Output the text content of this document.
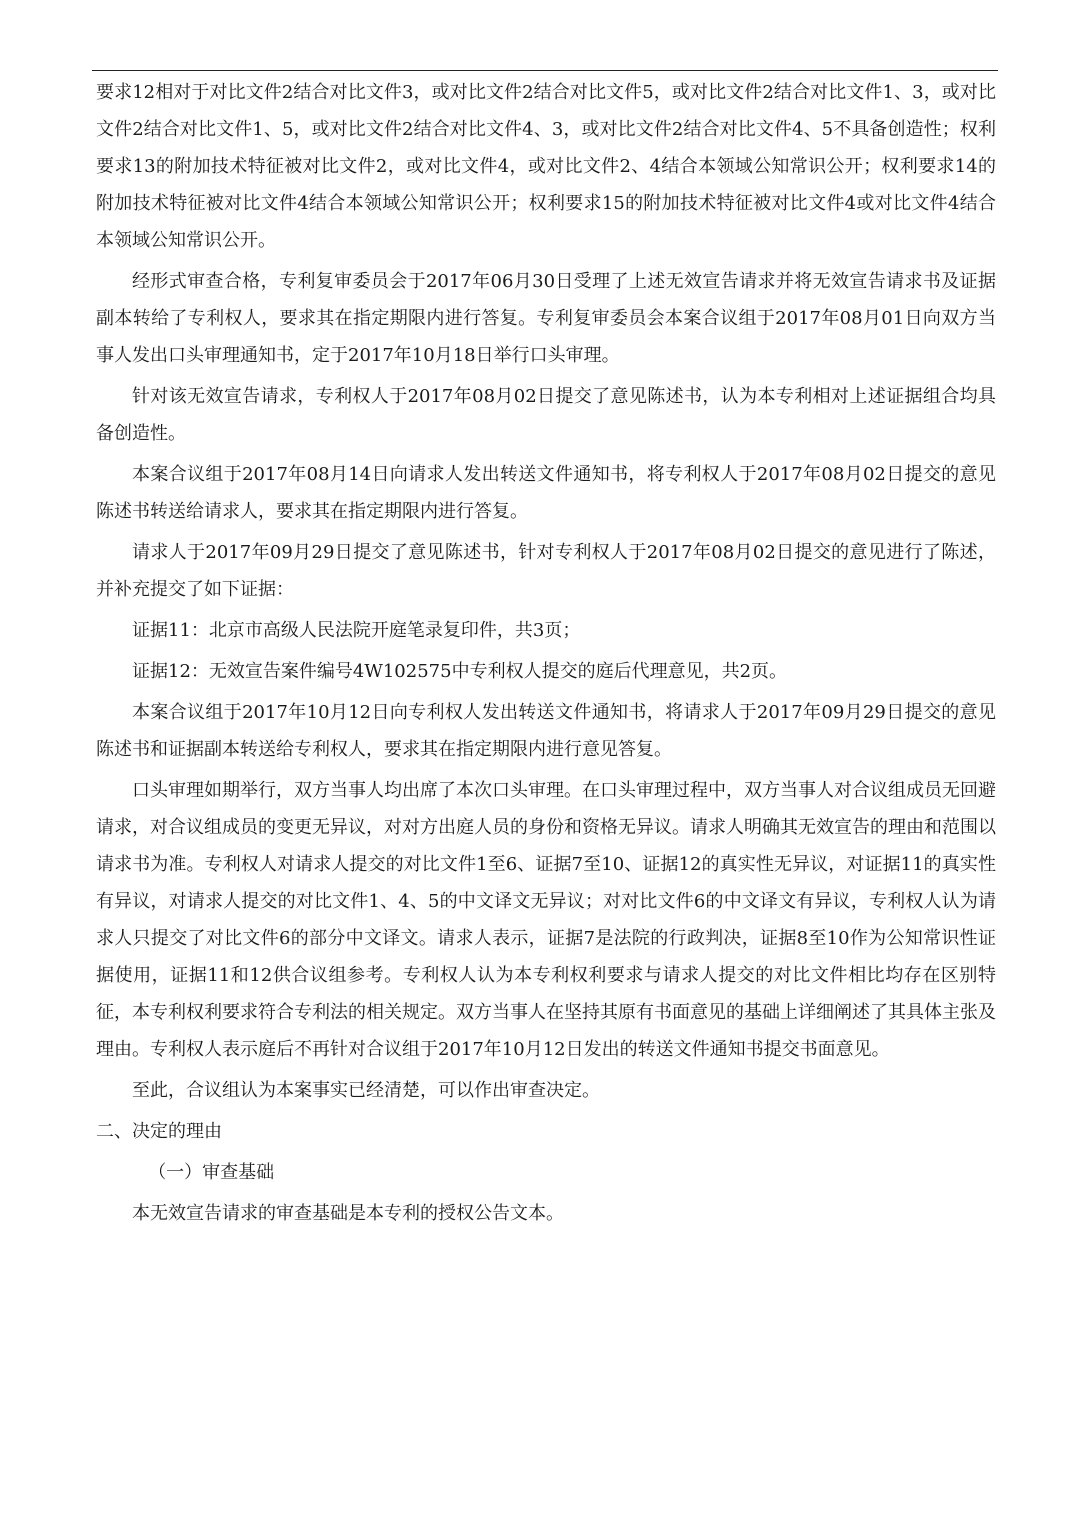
要求12相对于对比文件2结合对比文件3，或对比文件2结合对比文件5，或对比文件2结合对比文件1、3，或对比文件2结合对比文件1、5，或对比文件2结合对比文件4、3，或对比文件2结合对比文件4、5不具备创造性；权利要求13的附加技术特征被对比文件2，或对比文件4，或对比文件2、4结合本领域公知常识公开；权利要求14的附加技术特征被对比文件4结合本领域公知常识公开；权利要求15的附加技术特征被对比文件4或对比文件4结合本领域公知常识公开。

经形式审查合格，专利复审委员会于2017年06月30日受理了上述无效宣告请求并将无效宣告请求书及证据副本转给了专利权人，要求其在指定期限内进行答复。专利复审委员会本案合议组于2017年08月01日向双方当事人发出口头审理通知书，定于2017年10月18日举行口头审理。

针对该无效宣告请求，专利权人于2017年08月02日提交了意见陈述书，认为本专利相对上述证据组合均具备创造性。

本案合议组于2017年08月14日向请求人发出转送文件通知书，将专利权人于2017年08月02日提交的意见陈述书转送给请求人，要求其在指定期限内进行答复。

请求人于2017年09月29日提交了意见陈述书，针对专利权人于2017年08月02日提交的意见进行了陈述，并补充提交了如下证据：

证据11：北京市高级人民法院开庭笔录复印件，共3页；

证据12：无效宣告案件编号4W102575中专利权人提交的庭后代理意见，共2页。

本案合议组于2017年10月12日向专利权人发出转送文件通知书，将请求人于2017年09月29日提交的意见陈述书和证据副本转送给专利权人，要求其在指定期限内进行意见答复。

口头审理如期举行，双方当事人均出席了本次口头审理。在口头审理过程中，双方当事人对合议组成员无回避请求，对合议组成员的变更无异议，对对方出庭人员的身份和资格无异议。请求人明确其无效宣告的理由和范围以请求书为准。专利权人对请求人提交的对比文件1至6、证据7至10、证据12的真实性无异议，对证据11的真实性有异议，对请求人提交的对比文件1、4、5的中文译文无异议；对对比文件6的中文译文有异议，专利权人认为请求人只提交了对比文件6的部分中文译文。请求人表示，证据7是法院的行政判决，证据8至10作为公知常识性证据使用，证据11和12供合议组参考。专利权人认为本专利权利要求与请求人提交的对比文件相比均存在区别特征，本专利权利要求符合专利法的相关规定。双方当事人在坚持其原有书面意见的基础上详细阐述了其具体主张及理由。专利权人表示庭后不再针对合议组于2017年10月12日发出的转送文件通知书提交书面意见。

至此，合议组认为本案事实已经清楚，可以作出审查决定。

二、决定的理由

（一）审查基础

本无效宣告请求的审查基础是本专利的授权公告文本。
